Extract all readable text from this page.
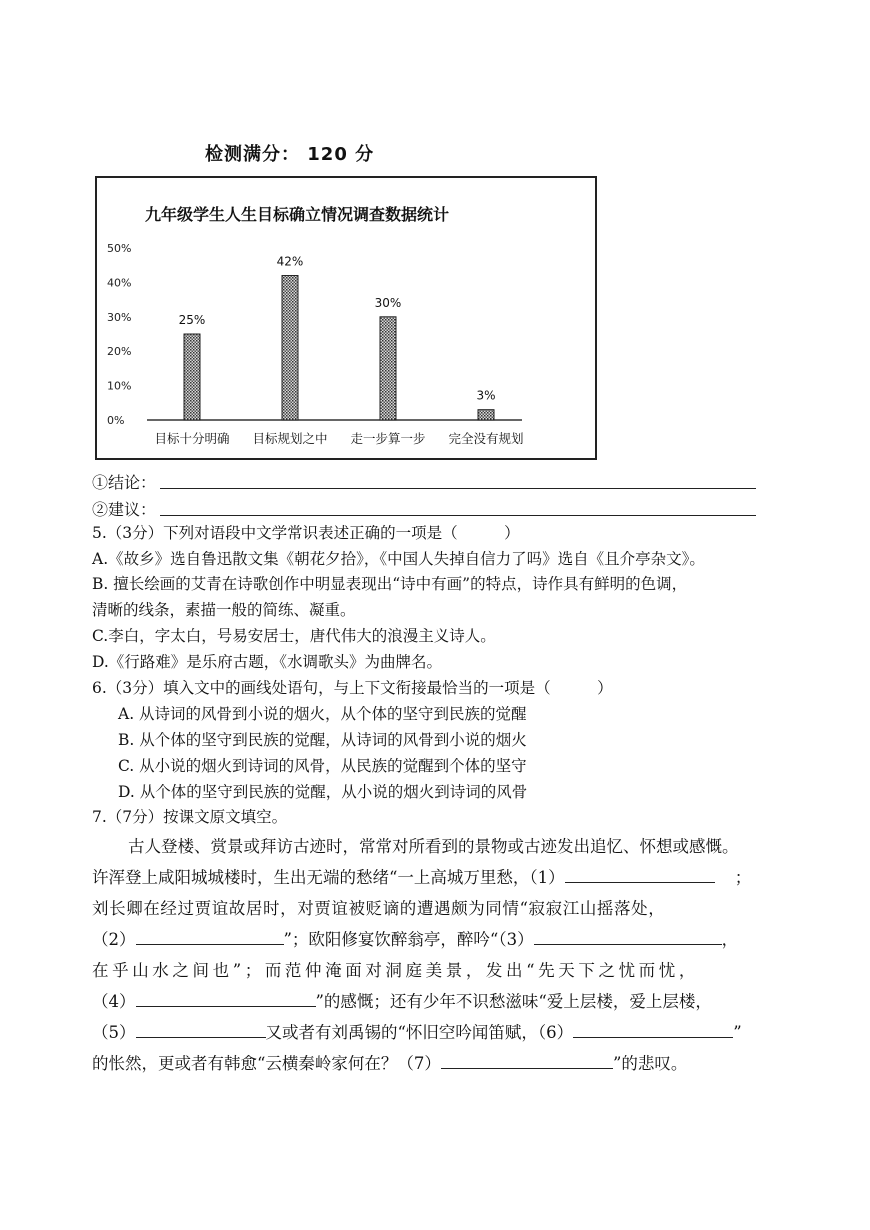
检测满分： 120 分
九年级学生人生目标确立情况调查数据统计
50%
40%
30%
20%
10%
0%
25%
目标十分明确
42%
目标规划之中
30%
走一步算一步
3%
完全没有规划
①结论：
②建议：
5.（3分）下列对语段中文学常识表述正确的一项是（　　　）
A.《故乡》选自鲁迅散文集《朝花夕拾》，《中国人失掉自信力了吗》选自《且介亭杂文》。
B. 擅长绘画的艾青在诗歌创作中明显表现出“诗中有画”的特点，诗作具有鲜明的色调，
清晰的线条，素描一般的简练、凝重。
C.李白，字太白，号易安居士，唐代伟大的浪漫主义诗人。
D.《行路难》是乐府古题，《水调歌头》为曲牌名。
6.（3分）填入文中的画线处语句，与上下文衔接最恰当的一项是（　　　）
A. 从诗词的风骨到小说的烟火，从个体的坚守到民族的觉醒
B. 从个体的坚守到民族的觉醒，从诗词的风骨到小说的烟火
C. 从小说的烟火到诗词的风骨，从民族的觉醒到个体的坚守
D. 从个体的坚守到民族的觉醒，从小说的烟火到诗词的风骨
7.（7分）按课文原文填空。
古人登楼、赏景或拜访古迹时，常常对所看到的景物或古迹发出追忆、怀想或感慨。
许浑登上咸阳城城楼时，生出无端的愁绪“一上高城万里愁，（1）	；
刘长卿在经过贾谊故居时，对贾谊被贬谪的遭遇颇为同情“寂寂江山摇落处，
（2）	”；欧阳修宴饮醉翁亭，醉吟“（3）	，
在乎山水之间也”；而范仲淹面对洞庭美景，发出“先天下之忧而忧，
（4）	”的感慨；还有少年不识愁滋味“爱上层楼，爱上层楼，
（5）	又或者有刘禹锡的“怀旧空吟闻笛赋，（6）	”
的怅然，更或者有韩愈“云横秦岭家何在？（7）	”的悲叹。
